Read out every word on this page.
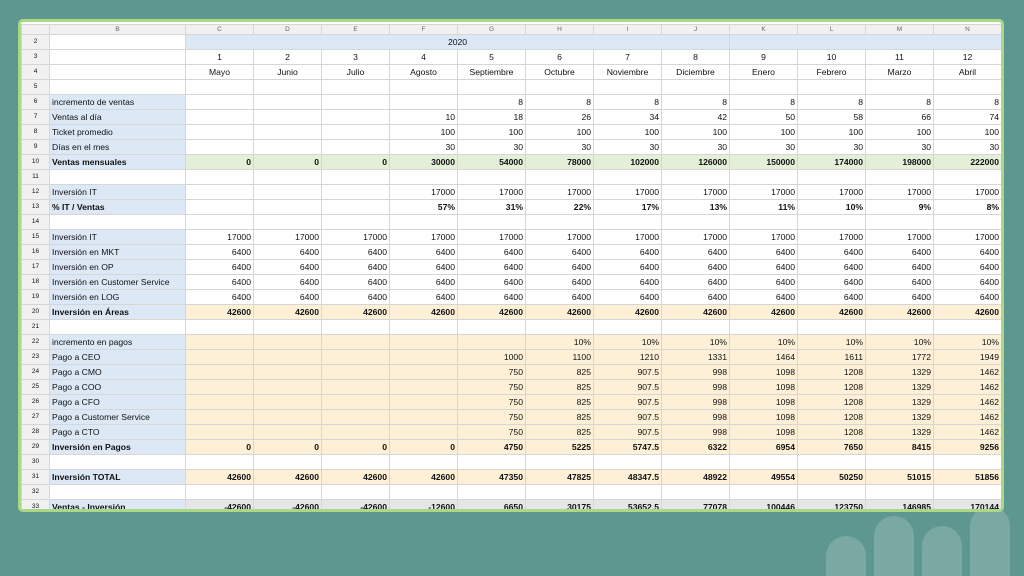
	B	C	D	E	F	G	H	I	J	K	L	M	N
2		2020											
3		1	2	3	4	5	6	7	8	9	10	11	12
4		Mayo	Junio	Julio	Agosto	Septiembre	Octubre	Noviembre	Diciembre	Enero	Febrero	Marzo	Abril
5													
6	incremento de ventas					8	8	8	8	8	8	8	8
7	Ventas al día				10	18	26	34	42	50	58	66	74
8	Ticket promedio				100	100	100	100	100	100	100	100	100
9	Días en el mes				30	30	30	30	30	30	30	30	30
10	Ventas mensuales	0	0	0	30000	54000	78000	102000	126000	150000	174000	198000	222000
11													
12	Inversión IT				17000	17000	17000	17000	17000	17000	17000	17000	17000
13	% IT / Ventas				57%	31%	22%	17%	13%	11%	10%	9%	8%
14													
15	Inversión IT	17000	17000	17000	17000	17000	17000	17000	17000	17000	17000	17000	17000
16	Inversión en MKT	6400	6400	6400	6400	6400	6400	6400	6400	6400	6400	6400	6400
17	Inversión en OP	6400	6400	6400	6400	6400	6400	6400	6400	6400	6400	6400	6400
18	Inversión en Customer Service	6400	6400	6400	6400	6400	6400	6400	6400	6400	6400	6400	6400
19	Inversión en LOG	6400	6400	6400	6400	6400	6400	6400	6400	6400	6400	6400	6400
20	Inversión en Áreas	42600	42600	42600	42600	42600	42600	42600	42600	42600	42600	42600	42600
21													
22	incremento en pagos						10%	10%	10%	10%	10%	10%	10%
23	Pago a CEO					1000	1100	1210	1331	1464	1611	1772	1949
24	Pago a CMO					750	825	907.5	998	1098	1208	1329	1462
25	Pago a COO					750	825	907.5	998	1098	1208	1329	1462
26	Pago a CFO					750	825	907.5	998	1098	1208	1329	1462
27	Pago a Customer Service					750	825	907.5	998	1098	1208	1329	1462
28	Pago a CTO					750	825	907.5	998	1098	1208	1329	1462
29	Inversión en Pagos	0	0	0	0	4750	5225	5747.5	6322	6954	7650	8415	9256
30													
31	Inversión TOTAL	42600	42600	42600	42600	47350	47825	48347.5	48922	49554	50250	51015	51856
32													
33	Ventas - Inversión	-42600	-42600	-42600	-12600	6650	30175	53652.5	77078	100446	123750	146985	170144
